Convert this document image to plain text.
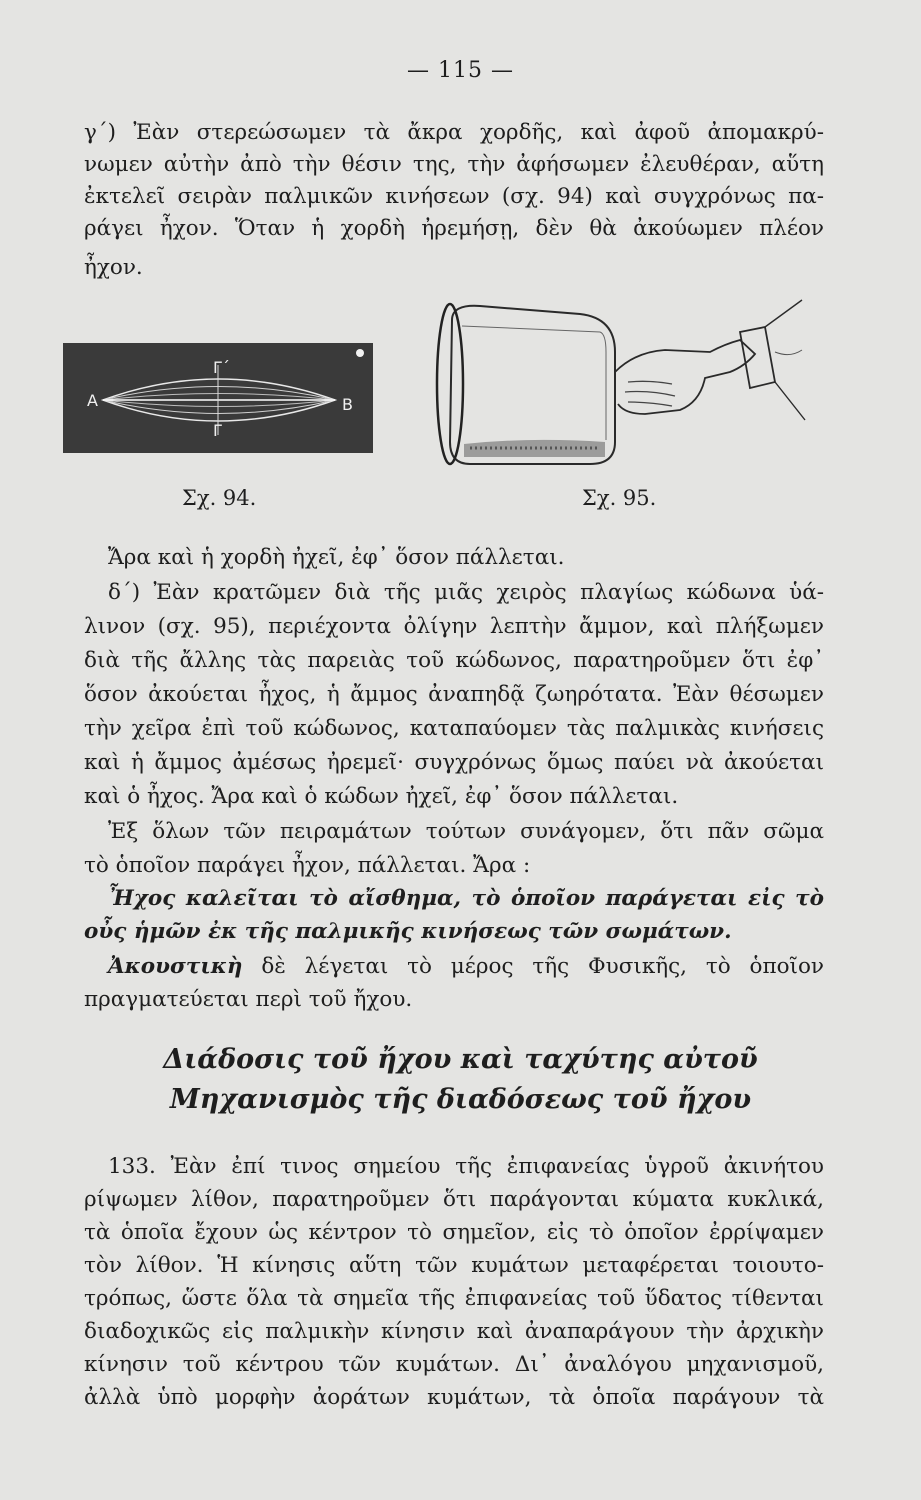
— 115 —
γ΄) Ἐὰν στερεώσωμεν τὰ ἄκρα χορδῆς, καὶ ἀφοῦ ἀπομακρύ-
νωμεν αὐτὴν ἀπὸ τὴν θέσιν της, τὴν ἀφήσωμεν ἐλευθέραν, αὕτη
ἐκτελεῖ σειρὰν παλμικῶν κινήσεων (σχ. 94) καὶ συγχρόνως πα-
ράγει ἦχον. Ὅταν ἡ χορδὴ ἠρεμήσῃ, δὲν θὰ ἀκούωμεν πλέον
ἦχον.
Α	Β
Γ΄
Γ
Σχ. 94.	Σχ. 95.
Ἄρα καὶ ἡ χορδὴ ἠχεῖ, ἐφ᾽ ὅσον πάλλεται.
δ΄) Ἐὰν κρατῶμεν διὰ τῆς μιᾶς χειρὸς πλαγίως κώδωνα ὑά-
λινον (σχ. 95), περιέχοντα ὀλίγην λεπτὴν ἄμμον, καὶ πλήξωμεν
διὰ τῆς ἄλλης τὰς παρειὰς τοῦ κώδωνος, παρατηροῦμεν ὅτι ἐφ᾽
ὅσον ἀκούεται ἦχος, ἡ ἄμμος ἀναπηδᾷ ζωηρότατα. Ἐὰν θέσωμεν
τὴν χεῖρα ἐπὶ τοῦ κώδωνος, καταπαύομεν τὰς παλμικὰς κινήσεις
καὶ ἡ ἄμμος ἀμέσως ἠρεμεῖ· συγχρόνως ὅμως παύει νὰ ἀκούεται
καὶ ὁ ἦχος. Ἄρα καὶ ὁ κώδων ἠχεῖ, ἐφ᾽ ὅσον πάλλεται.
Ἐξ ὅλων τῶν πειραμάτων τούτων συνάγομεν, ὅτι πᾶν σῶμα
τὸ ὁποῖον παράγει ἦχον, πάλλεται. Ἄρα :
Ἦχος καλεῖται τὸ αἴσθημα, τὸ ὁποῖον παράγεται εἰς τὸ
οὖς ἡμῶν ἐκ τῆς παλμικῆς κινήσεως τῶν σωμάτων.
Ἀκουστικὴ δὲ λέγεται τὸ μέρος τῆς Φυσικῆς, τὸ ὁποῖον
πραγματεύεται περὶ τοῦ ἤχου.
Διάδοσις τοῦ ἤχου καὶ ταχύτης αὐτοῦ
Μηχανισμὸς τῆς διαδόσεως τοῦ ἤχου
133. Ἐὰν ἐπί τινος σημείου τῆς ἐπιφανείας ὑγροῦ ἀκινήτου
ρίψωμεν λίθον, παρατηροῦμεν ὅτι παράγονται κύματα κυκλικά,
τὰ ὁποῖα ἔχουν ὡς κέντρον τὸ σημεῖον, εἰς τὸ ὁποῖον ἐρρίψαμεν
τὸν λίθον. Ἡ κίνησις αὕτη τῶν κυμάτων μεταφέρεται τοιουτο-
τρόπως, ὥστε ὅλα τὰ σημεῖα τῆς ἐπιφανείας τοῦ ὕδατος τίθενται
διαδοχικῶς εἰς παλμικὴν κίνησιν καὶ ἀναπαράγουν τὴν ἀρχικὴν
κίνησιν τοῦ κέντρου τῶν κυμάτων. Δι᾽ ἀναλόγου μηχανισμοῦ,
ἀλλὰ ὑπὸ μορφὴν ἀοράτων κυμάτων, τὰ ὁποῖα παράγουν τὰ
